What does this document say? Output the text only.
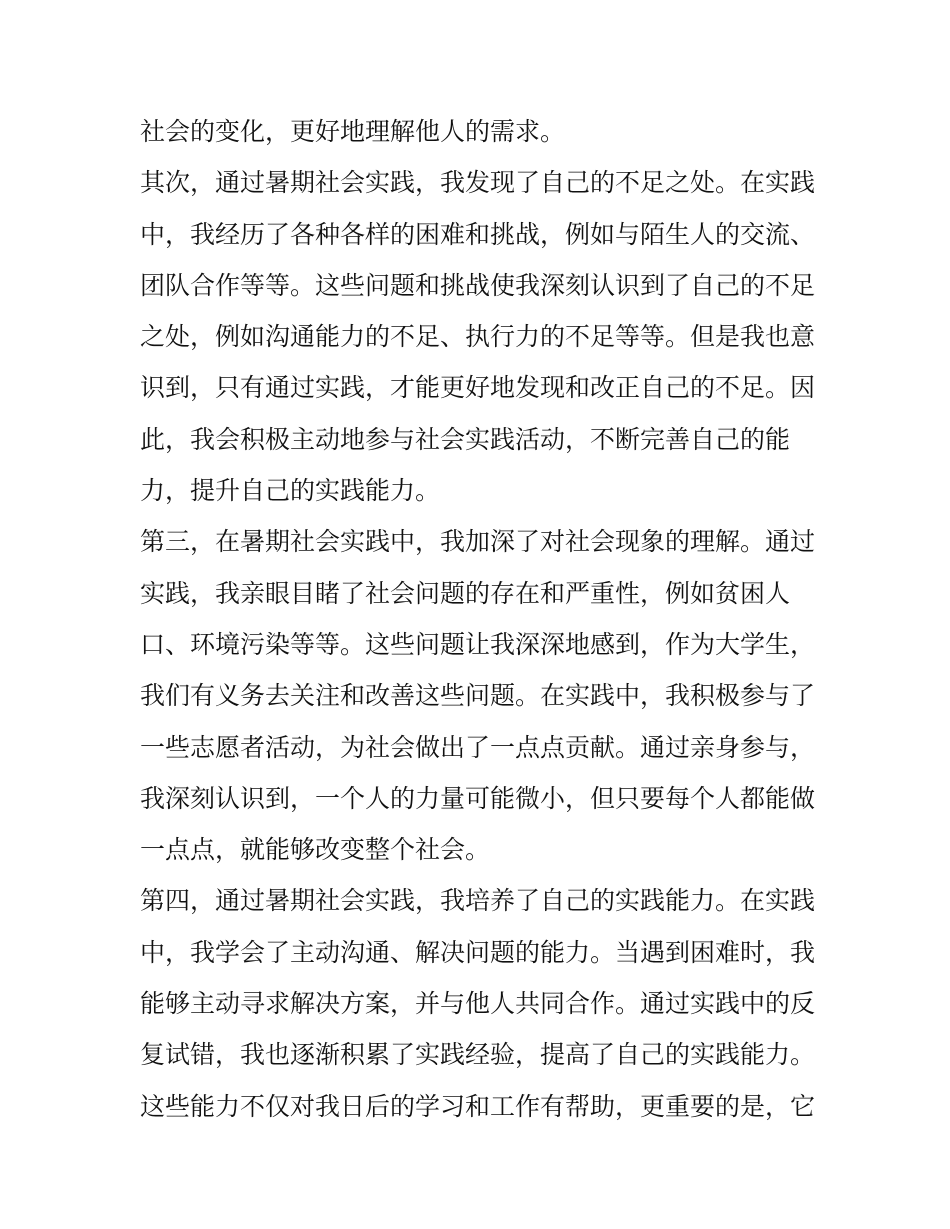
社会的变化，更好地理解他人的需求。
其次，通过暑期社会实践，我发现了自己的不足之处。在实践
中，我经历了各种各样的困难和挑战，例如与陌生人的交流、
团队合作等等。这些问题和挑战使我深刻认识到了自己的不足
之处，例如沟通能力的不足、执行力的不足等等。但是我也意
识到，只有通过实践，才能更好地发现和改正自己的不足。因
此，我会积极主动地参与社会实践活动，不断完善自己的能
力，提升自己的实践能力。
第三，在暑期社会实践中，我加深了对社会现象的理解。通过
实践，我亲眼目睹了社会问题的存在和严重性，例如贫困人
口、环境污染等等。这些问题让我深深地感到，作为大学生，
我们有义务去关注和改善这些问题。在实践中，我积极参与了
一些志愿者活动，为社会做出了一点点贡献。通过亲身参与，
我深刻认识到，一个人的力量可能微小，但只要每个人都能做
一点点，就能够改变整个社会。
第四，通过暑期社会实践，我培养了自己的实践能力。在实践
中，我学会了主动沟通、解决问题的能力。当遇到困难时，我
能够主动寻求解决方案，并与他人共同合作。通过实践中的反
复试错，我也逐渐积累了实践经验，提高了自己的实践能力。
这些能力不仅对我日后的学习和工作有帮助，更重要的是，它
